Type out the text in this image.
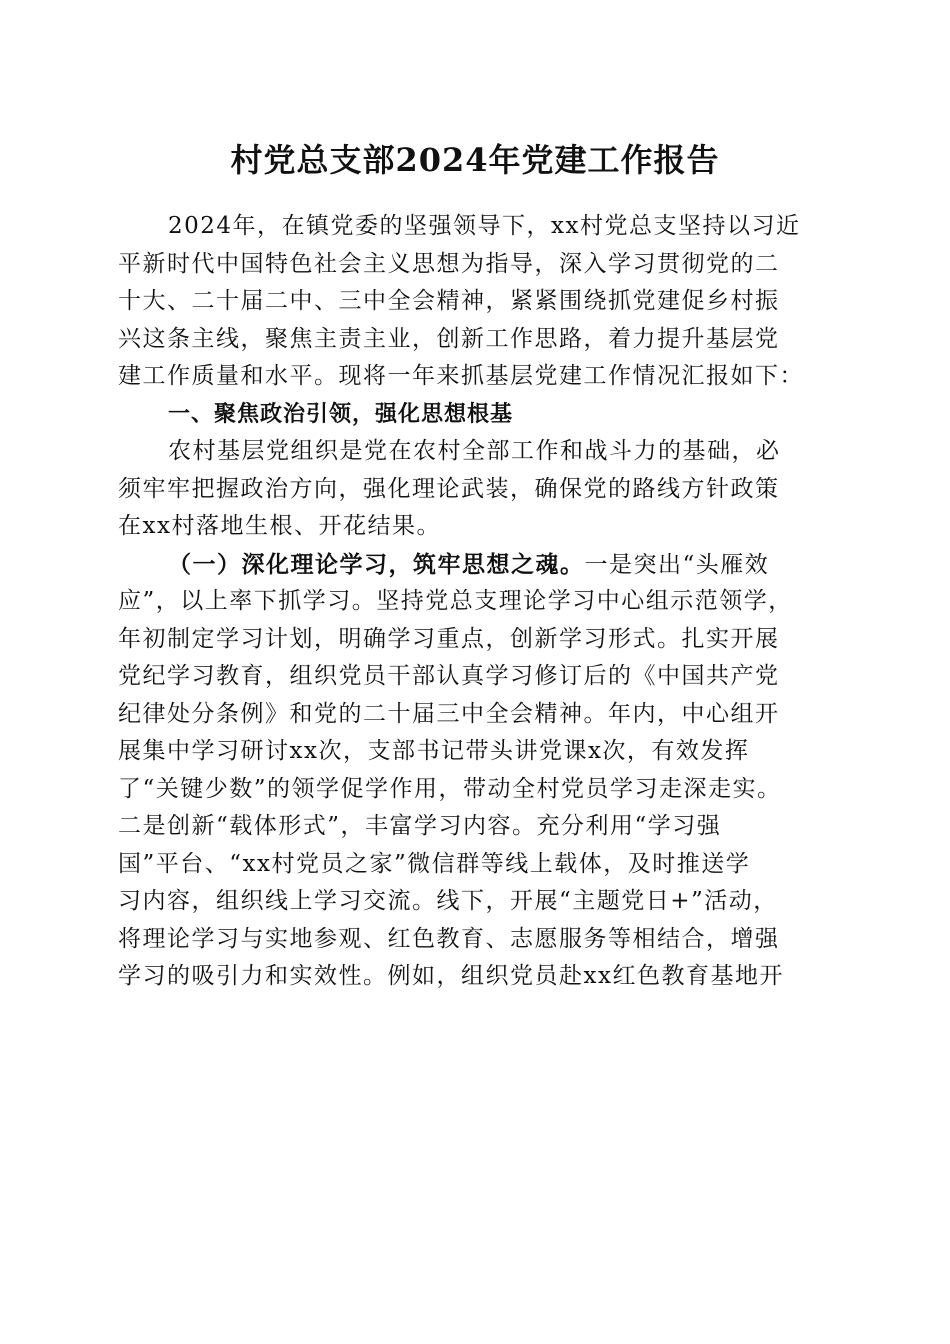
村党总支部2024年党建工作报告
2024年，在镇党委的坚强领导下，xx村党总支坚持以习近
平新时代中国特色社会主义思想为指导，深入学习贯彻党的二
十大、二十届二中、三中全会精神，紧紧围绕抓党建促乡村振
兴这条主线，聚焦主责主业，创新工作思路，着力提升基层党
建工作质量和水平。现将一年来抓基层党建工作情况汇报如下：
一、聚焦政治引领，强化思想根基
农村基层党组织是党在农村全部工作和战斗力的基础，必
须牢牢把握政治方向，强化理论武装，确保党的路线方针政策
在xx村落地生根、开花结果。
（一）深化理论学习，筑牢思想之魂。一是突出“头雁效
应”，以上率下抓学习。坚持党总支理论学习中心组示范领学，
年初制定学习计划，明确学习重点，创新学习形式。扎实开展
党纪学习教育，组织党员干部认真学习修订后的《中国共产党
纪律处分条例》和党的二十届三中全会精神。年内，中心组开
展集中学习研讨xx次，支部书记带头讲党课x次，有效发挥
了“关键少数”的领学促学作用，带动全村党员学习走深走实。
二是创新“载体形式”，丰富学习内容。充分利用“学习强
国”平台、“xx村党员之家”微信群等线上载体，及时推送学
习内容，组织线上学习交流。线下，开展“主题党日+”活动，
将理论学习与实地参观、红色教育、志愿服务等相结合，增强
学习的吸引力和实效性。例如，组织党员赴xx红色教育基地开
